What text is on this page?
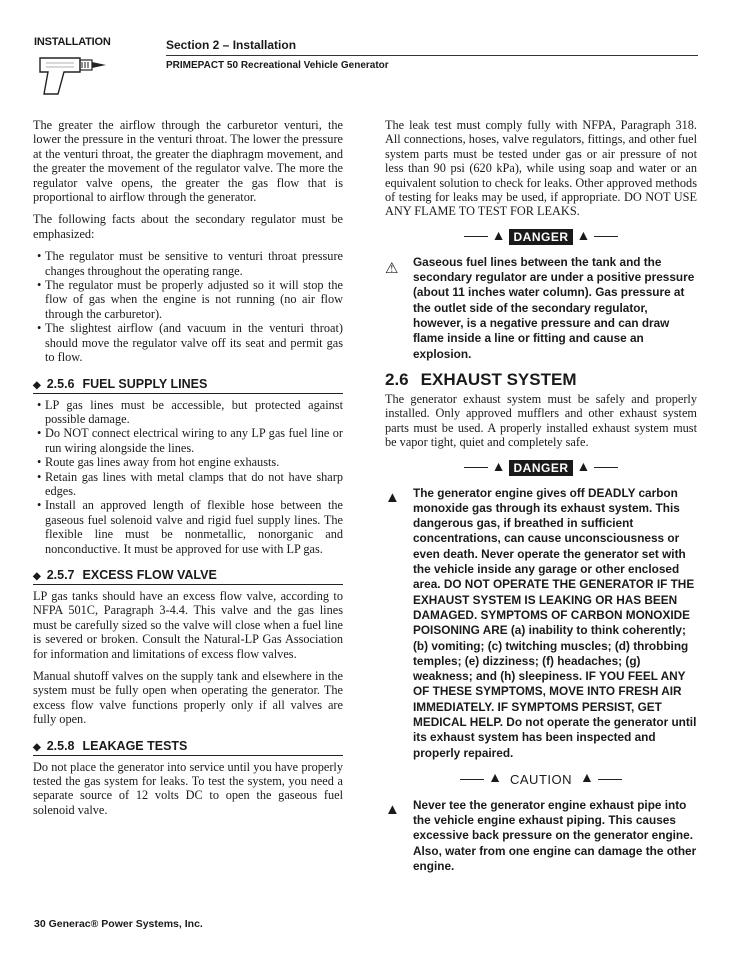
INSTALLATION	Section 2 – Installation
PRIMEPACT 50 Recreational Vehicle Generator

The greater the airflow through the carburetor venturi, the lower the pressure in the venturi throat. The lower the pressure at the venturi throat, the greater the diaphragm movement, and the greater the movement of the regulator valve. The more the regulator valve opens, the greater the gas flow that is proportional to airflow through the generator.

The following facts about the secondary regulator must be emphasized:

• The regulator must be sensitive to venturi throat pressure changes throughout the operating range.
• The regulator must be properly adjusted so it will stop the flow of gas when the engine is not running (no air flow through the carburetor).
• The slightest airflow (and vacuum in the venturi throat) should move the regulator valve off its seat and permit gas to flow.
◆ 2.5.6 FUEL SUPPLY LINES
• LP gas lines must be accessible, but protected against possible damage.
• Do NOT connect electrical wiring to any LP gas fuel line or run wiring alongside the lines.
• Route gas lines away from hot engine exhausts.
• Retain gas lines with metal clamps that do not have sharp edges.
• Install an approved length of flexible hose between the gaseous fuel solenoid valve and rigid fuel supply lines. The flexible line must be nonmetallic, nonorganic and nonconductive. It must be approved for use with LP gas.
◆ 2.5.7 EXCESS FLOW VALVE

LP gas tanks should have an excess flow valve, according to NFPA 501C, Paragraph 3-4.4. This valve and the gas lines must be carefully sized so the valve will close when a fuel line is severed or broken. Consult the Natural-LP Gas Association for information and limitations of excess flow valves.

Manual shutoff valves on the supply tank and elsewhere in the system must be fully open when operating the generator. The excess flow valve functions properly only if all valves are fully open.

◆ 2.5.8 LEAKAGE TESTS

Do not place the generator into service until you have properly tested the gas system for leaks. To test the system, you need a separate source of 12 volts DC to open the gaseous fuel solenoid valve.

The leak test must comply fully with NFPA, Paragraph 318. All connections, hoses, valve regulators, fittings, and other fuel system parts must be tested under gas or air pressure of not less than 90 psi (620 kPa), while using soap and water or an equivalent solution to check for leaks. Other approved methods of testing for leaks may be used, if appropriate. DO NOT USE ANY FLAME TO TEST FOR LEAKS.

▲ DANGER ▲
⚠	Gaseous fuel lines between the tank and the secondary regulator are under a positive pressure (about 11 inches water column). Gas pressure at the outlet side of the secondary regulator, however, is a negative pressure and can draw flame inside a line or fitting and cause an explosion.
2.6 EXHAUST SYSTEM

The generator exhaust system must be safely and properly installed. Only approved mufflers and other exhaust system parts must be used. A properly installed exhaust system must be vapor tight, quiet and completely safe.

▲ DANGER ▲
▲	The generator engine gives off DEADLY carbon monoxide gas through its exhaust system. This dangerous gas, if breathed in sufficient concentrations, can cause unconsciousness or even death. Never operate the generator set with the vehicle inside any garage or other enclosed area. DO NOT OPERATE THE GENERATOR IF THE EXHAUST SYSTEM IS LEAKING OR HAS BEEN DAMAGED. SYMPTOMS OF CARBON MONOXIDE POISONING ARE (a) inability to think coherently; (b) vomiting; (c) twitching muscles; (d) throbbing temples; (e) dizziness; (f) headaches; (g) weakness; and (h) sleepiness. IF YOU FEEL ANY OF THESE SYMPTOMS, MOVE INTO FRESH AIR IMMEDIATELY. IF SYMPTOMS PERSIST, GET MEDICAL HELP. Do not operate the generator until its exhaust system has been inspected and properly repaired.
▲ CAUTION ▲
▲	Never tee the generator engine exhaust pipe into the vehicle engine exhaust piping. This causes excessive back pressure on the generator engine. Also, water from one engine can damage the other engine.
30 Generac® Power Systems, Inc.
